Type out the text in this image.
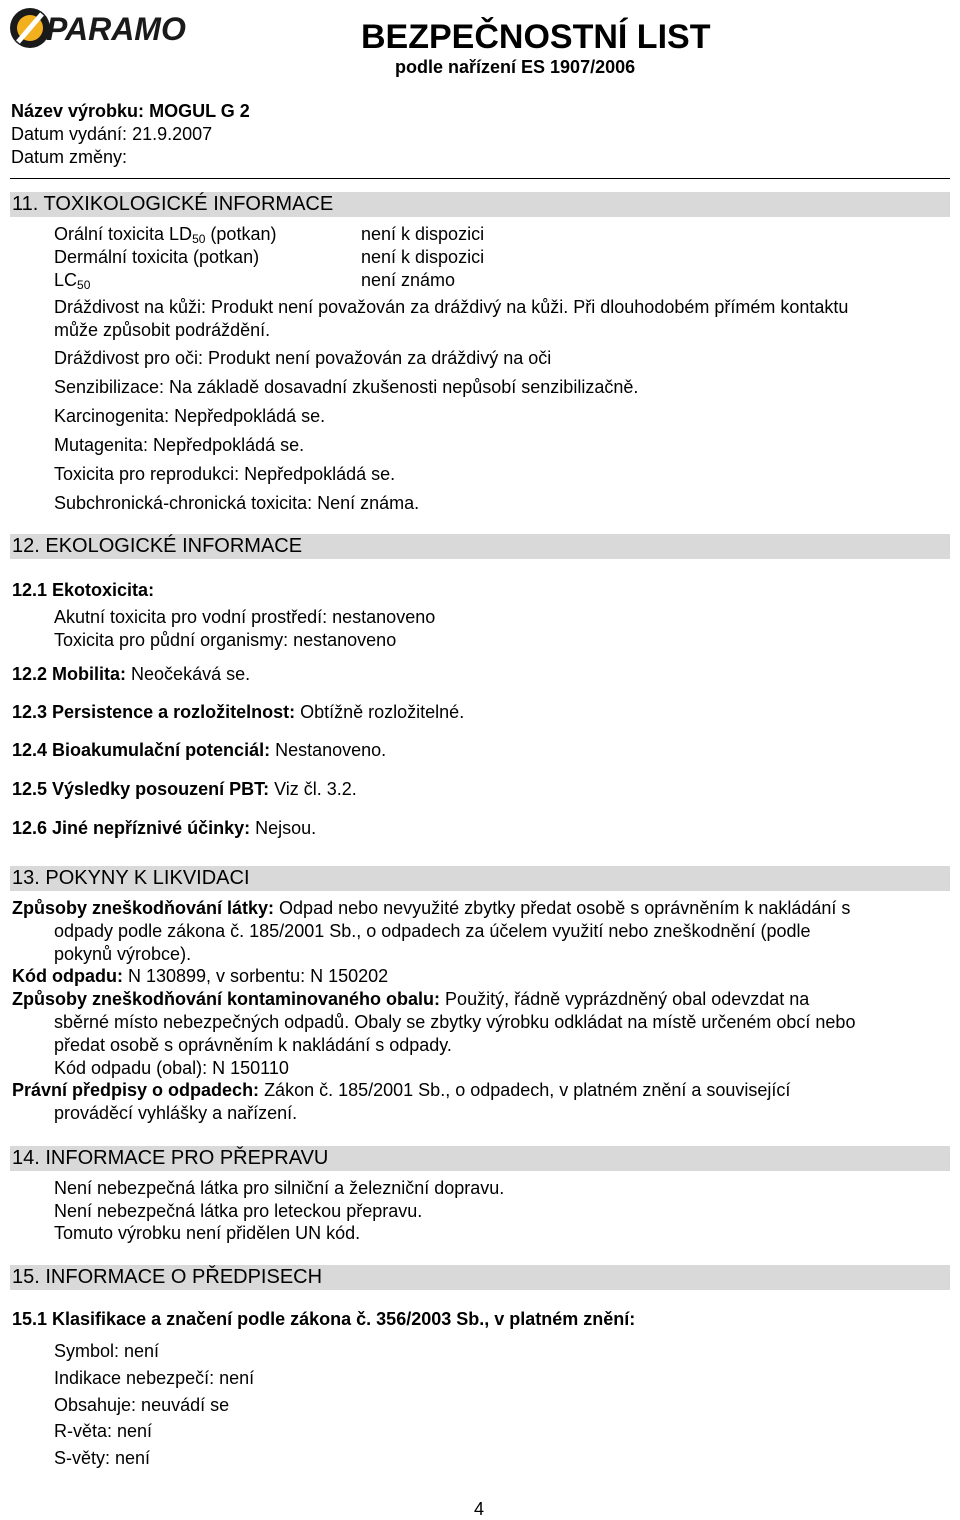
PARAMO	BEZPEČNOSTNÍ LIST
podle nařízení ES 1907/2006
Název výrobku: MOGUL G 2
Datum vydání: 21.9.2007
Datum změny:
11. TOXIKOLOGICKÉ INFORMACE
Orální toxicita $LD_{50}$ (potkan)	není k dispozici
Dermální toxicita (potkan)	není k dispozici
$LC_{50}$	není známo
Dráždivost na kůži: Produkt není považován za dráždivý na kůži. Při dlouhodobém přímém kontaktu
může způsobit podráždění.
Dráždivost pro oči: Produkt není považován za dráždivý na oči
Senzibilizace: Na základě dosavadní zkušenosti nepůsobí senzibilizačně.
Karcinogenita: Nepředpokládá se.
Mutagenita: Nepředpokládá se.
Toxicita pro reprodukci: Nepředpokládá se.
Subchronická-chronická toxicita: Není známa.
12. EKOLOGICKÉ INFORMACE
12.1 Ekotoxicita:
Akutní toxicita pro vodní prostředí: nestanoveno
Toxicita pro půdní organismy: nestanoveno
12.2 Mobilita: Neočekává se.
12.3 Persistence a rozložitelnost: Obtížně rozložitelné.
12.4 Bioakumulační potenciál: Nestanoveno.
12.5 Výsledky posouzení PBT: Viz čl. 3.2.
12.6 Jiné nepříznivé účinky: Nejsou.
13. POKYNY K LIKVIDACI
Způsoby zneškodňování látky: Odpad nebo nevyužité zbytky předat osobě s oprávněním k nakládání s
odpady podle zákona č. 185/2001 Sb., o odpadech za účelem využití nebo zneškodnění (podle
pokynů výrobce).
Kód odpadu: N 130899, v sorbentu: N 150202
Způsoby zneškodňování kontaminovaného obalu: Použitý, řádně vyprázdněný obal odevzdat na
sběrné místo nebezpečných odpadů. Obaly se zbytky výrobku odkládat na místě určeném obcí nebo
předat osobě s oprávněním k nakládání s odpady.
Kód odpadu (obal): N 150110
Právní předpisy o odpadech: Zákon č. 185/2001 Sb., o odpadech, v platném znění a související
prováděcí vyhlášky a nařízení.
14. INFORMACE PRO PŘEPRAVU
Není nebezpečná látka pro silniční a železniční dopravu.
Není nebezpečná látka pro leteckou přepravu.
Tomuto výrobku není přidělen UN kód.
15. INFORMACE O PŘEDPISECH
15.1 Klasifikace a značení podle zákona č. 356/2003 Sb., v platném znění:
Symbol: není
Indikace nebezpečí: není
Obsahuje: neuvádí se
R-věta: není
S-věty: není
4
